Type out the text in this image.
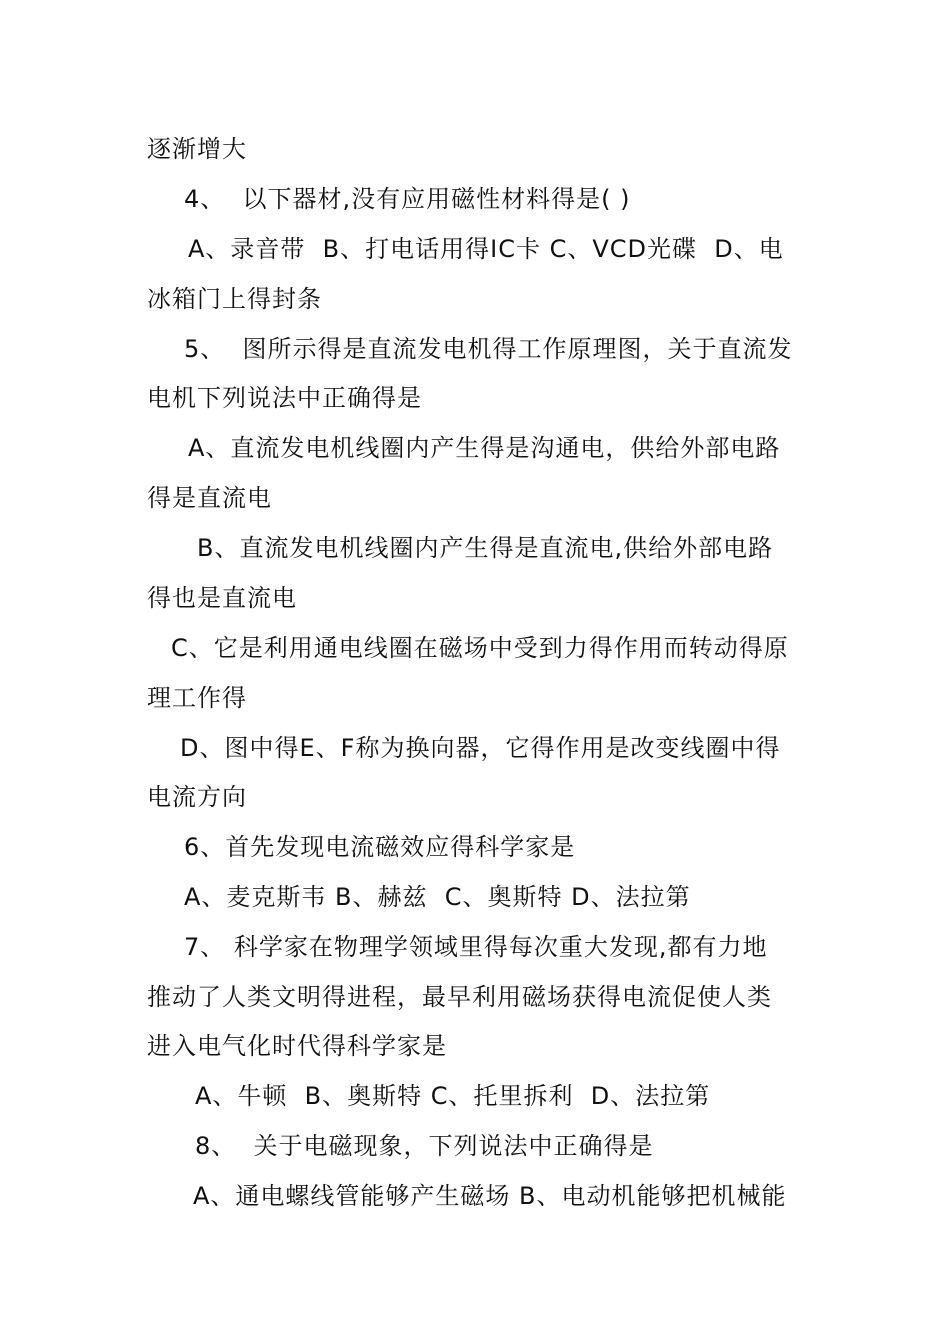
逐渐增大
4、  以下器材,没有应用磁性材料得是( )
A、录音带  B、打电话用得IC卡 C、VCD光碟  D、电
冰箱门上得封条
5、  图所示得是直流发电机得工作原理图，关于直流发
电机下列说法中正确得是
A、直流发电机线圈内产生得是沟通电，供给外部电路
得是直流电
B、直流发电机线圈内产生得是直流电,供给外部电路
得也是直流电
C、它是利用通电线圈在磁场中受到力得作用而转动得原
理工作得
D、图中得E、F称为换向器，它得作用是改变线圈中得
电流方向
6、首先发现电流磁效应得科学家是
A、麦克斯韦 B、赫兹  C、奥斯特 D、法拉第
7、 科学家在物理学领域里得每次重大发现,都有力地
推动了人类文明得进程，最早利用磁场获得电流促使人类
进入电气化时代得科学家是
A、牛顿  B、奥斯特 C、托里拆利  D、法拉第
8、  关于电磁现象，下列说法中正确得是
A、通电螺线管能够产生磁场 B、电动机能够把机械能
